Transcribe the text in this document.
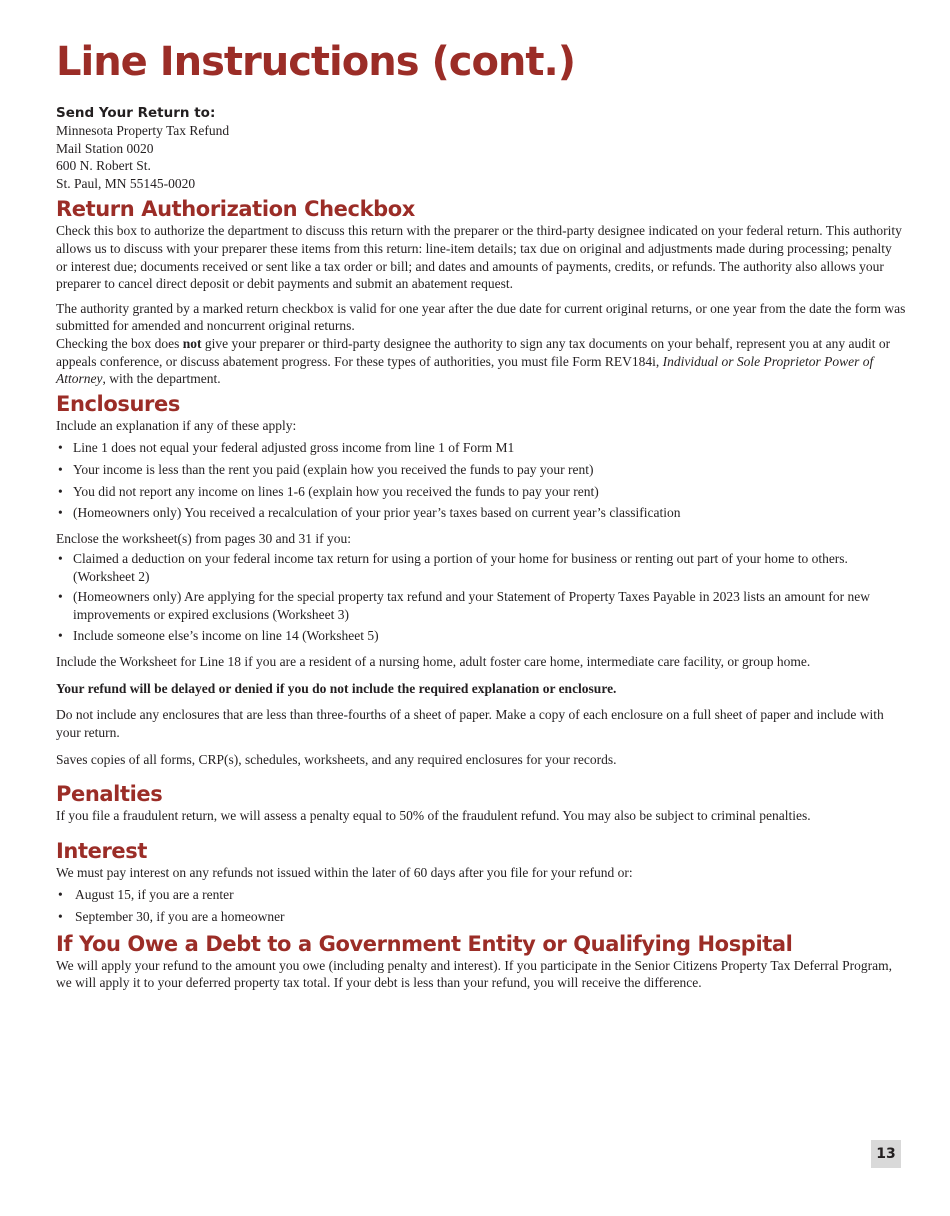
Line Instructions (cont.)
Send Your Return to:
Minnesota Property Tax Refund
Mail Station 0020
600 N. Robert St.
St. Paul, MN 55145-0020
Return Authorization Checkbox

Check this box to authorize the department to discuss this return with the preparer or the third-party designee indicated on your federal return. This authority allows us to discuss with your preparer these items from this return: line-item details; tax due on original and adjustments made during processing; penalty or interest due; documents received or sent like a tax order or bill; and dates and amounts of payments, credits, or refunds. The authority also allows your preparer to cancel direct deposit or debit payments and submit an abatement request.

The authority granted by a marked return checkbox is valid for one year after the due date for current original returns, or one year from the date the form was submitted for amended and noncurrent original returns.

Checking the box does not give your preparer or third-party designee the authority to sign any tax documents on your behalf, represent you at any audit or appeals conference, or discuss abatement progress. For these types of authorities, you must file Form REV184i, Individual or Sole Proprietor Power of Attorney, with the department.

Enclosures

Include an explanation if any of these apply:

• Line 1 does not equal your federal adjusted gross income from line 1 of Form M1
• Your income is less than the rent you paid (explain how you received the funds to pay your rent)
• You did not report any income on lines 1-6 (explain how you received the funds to pay your rent)
• (Homeowners only) You received a recalculation of your prior year’s taxes based on current year’s classification

Enclose the worksheet(s) from pages 30 and 31 if you:

• Claimed a deduction on your federal income tax return for using a portion of your home for business or renting out part of your home to others. (Worksheet 2)
• (Homeowners only) Are applying for the special property tax refund and your Statement of Property Taxes Payable in 2023 lists an amount for new improvements or expired exclusions (Worksheet 3)
• Include someone else’s income on line 14 (Worksheet 5)

Include the Worksheet for Line 18 if you are a resident of a nursing home, adult foster care home, intermediate care facility, or group home.

Your refund will be delayed or denied if you do not include the required explanation or enclosure.

Do not include any enclosures that are less than three-fourths of a sheet of paper. Make a copy of each enclosure on a full sheet of paper and include with your return.

Saves copies of all forms, CRP(s), schedules, worksheets, and any required enclosures for your records.

Penalties

If you file a fraudulent return, we will assess a penalty equal to 50% of the fraudulent refund. You may also be subject to criminal penalties.

Interest

We must pay interest on any refunds not issued within the later of 60 days after you file for your refund or:

• August 15, if you are a renter
• September 30, if you are a homeowner
If You Owe a Debt to a Government Entity or Qualifying Hospital

We will apply your refund to the amount you owe (including penalty and interest). If you participate in the Senior Citizens Property Tax Deferral Program, we will apply it to your deferred property tax total. If your debt is less than your refund, you will receive the difference.

13
